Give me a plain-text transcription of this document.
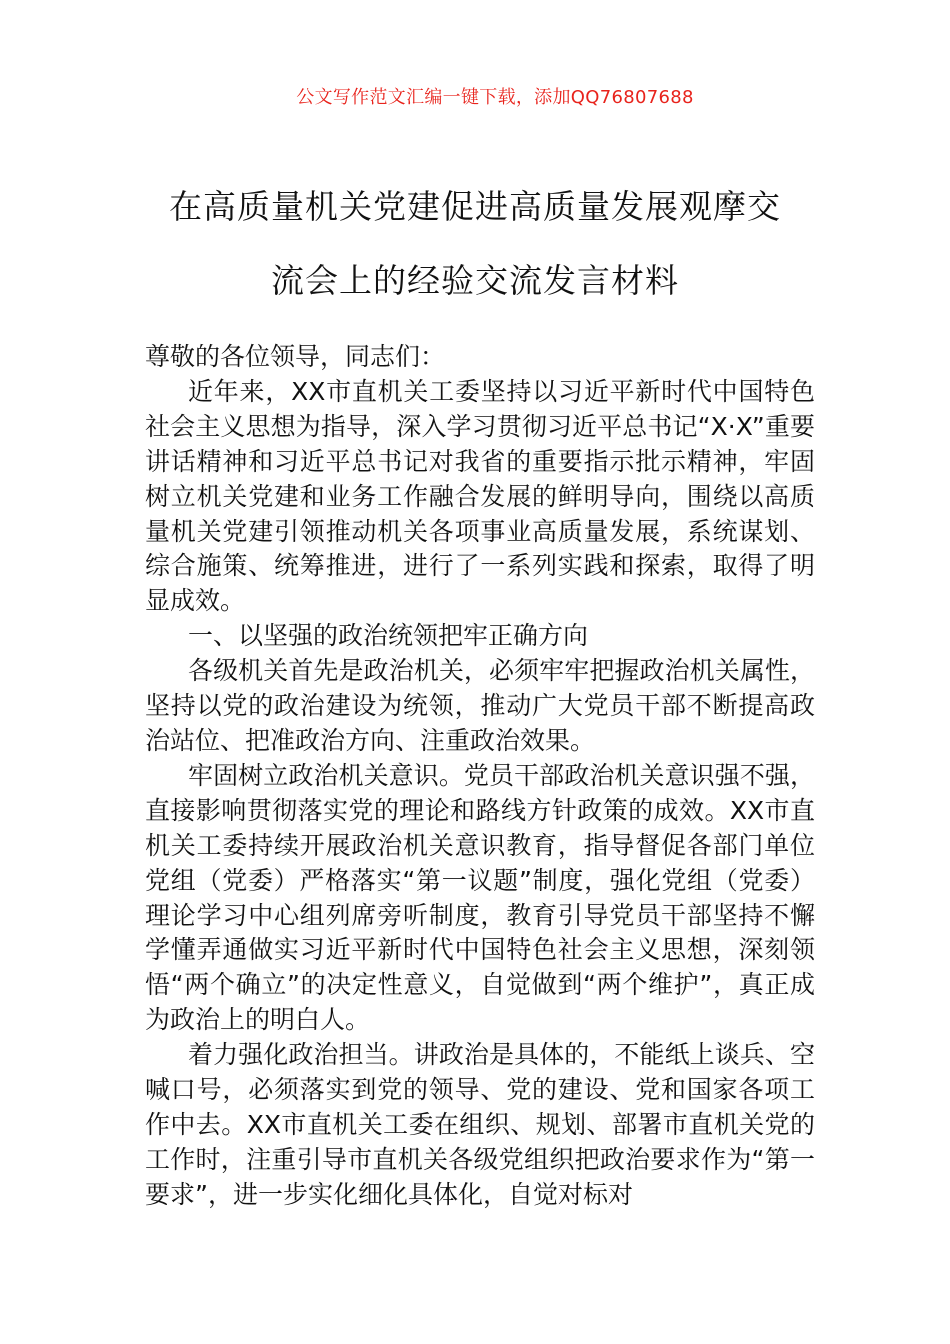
公文写作范文汇编一键下载，添加QQ76807688
在高质量机关党建促进高质量发展观摩交
流会上的经验交流发言材料

尊敬的各位领导，同志们：

近年来，XX市直机关工委坚持以习近平新时代中国特色社会主义思想为指导，深入学习贯彻习近平总书记“X·X”重要讲话精神和习近平总书记对我省的重要指示批示精神，牢固树立机关党建和业务工作融合发展的鲜明导向，围绕以高质量机关党建引领推动机关各项事业高质量发展，系统谋划、综合施策、统筹推进，进行了一系列实践和探索，取得了明显成效。

一、以坚强的政治统领把牢正确方向

各级机关首先是政治机关，必须牢牢把握政治机关属性，坚持以党的政治建设为统领，推动广大党员干部不断提高政治站位、把准政治方向、注重政治效果。

牢固树立政治机关意识。党员干部政治机关意识强不强，直接影响贯彻落实党的理论和路线方针政策的成效。XX市直机关工委持续开展政治机关意识教育，指导督促各部门单位党组（党委）严格落实“第一议题”制度，强化党组（党委）理论学习中心组列席旁听制度，教育引导党员干部坚持不懈学懂弄通做实习近平新时代中国特色社会主义思想，深刻领悟“两个确立”的决定性意义，自觉做到“两个维护”，真正成为政治上的明白人。

着力强化政治担当。讲政治是具体的，不能纸上谈兵、空喊口号，必须落实到党的领导、党的建设、党和国家各项工作中去。XX市直机关工委在组织、规划、部署市直机关党的工作时，注重引导市直机关各级党组织把政治要求作为“第一要求”，进一步实化细化具体化，自觉对标对
